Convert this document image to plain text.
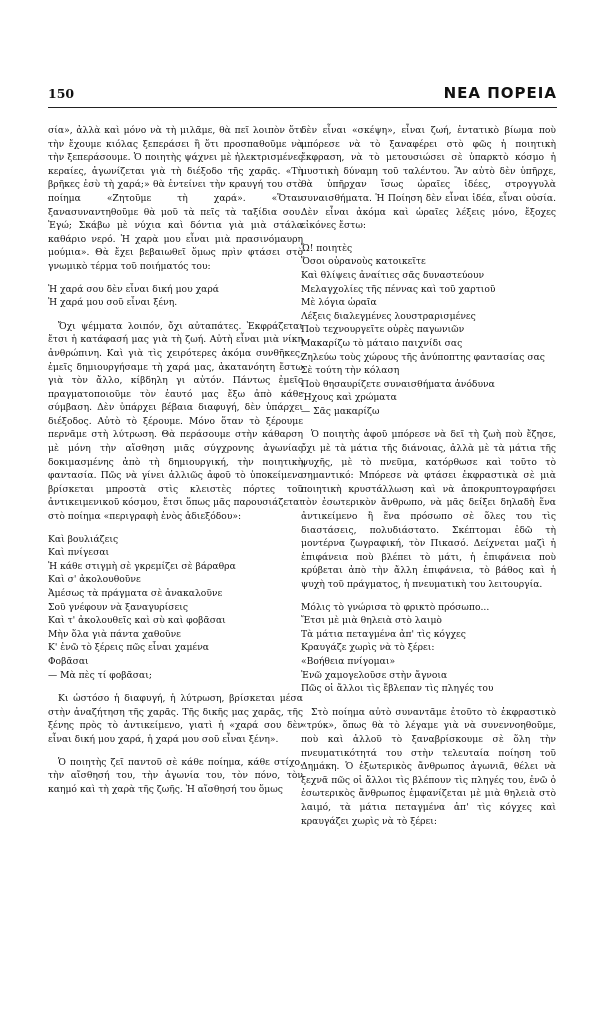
150	ΝΕΑ ΠΟΡΕΙΑ

σία», ἀλλὰ καὶ μόνο νὰ τὴ μιλᾶμε, θὰ πεῖ λοιπὸν ὅτι τὴν ἔχουμε κιόλας ξεπεράσει ἢ ὅτι προσπαθοῦμε νὰ τὴν ξεπεράσουμε. Ὁ ποιητὴς ψάχνει μὲ ἠλεκτρισμένες κεραίες, ἀγωνίζεται γιὰ τὴ διέξοδο τῆς χαρᾶς. «Τὴ βρῆκες ἐσὺ τὴ χαρά;» θὰ ἐντείνει τὴν κραυγή του στὸ ποίημα «Ζητοῦμε τὴ χαρά». «Ὅταν ξανασυναντηθοῦμε θὰ μοῦ τὰ πεῖς τὰ ταξίδια σου. Ἐγώ; Σκάβω μὲ νύχια καὶ δόντια γιὰ μιὰ στάλα καθάριο νερό. Ἡ χαρὰ μου εἶναι μιὰ πρασινόμαυρη μούμια». Θὰ ἔχει βεβαιωθεῖ ὅμως πρὶν φτάσει στὸ γνωμικὸ τέρμα τοῦ ποιήματός του:

Ἡ χαρά σου δὲν εἶναι δική μου χαρά
Ἡ χαρά μου σοῦ εἶναι ξένη.

Ὄχι ψέμματα λοιπόν, ὄχι αὐταπάτες. Ἐκφράζεται ἔτσι ἡ κατάφασή μας γιὰ τὴ ζωή. Αὐτὴ εἶναι μιὰ νίκη ἀνθρώπινη. Καὶ γιὰ τὶς χειρότερες ἀκόμα συνθῆκες, ἐμεῖς δημιουργήσαμε τὴ χαρά μας, ἀκατανόητη ἔστω γιὰ τὸν ἄλλο, κίβδηλη γι αὐτόν. Πάντως ἐμεῖς πραγματοποιοῦμε τὸν ἑαυτό μας ἔξω ἀπὸ κάθε σύμβαση. Δὲν ὑπάρχει βέβαια διαφυγή, δὲν ὑπάρχει διέξοδος. Αὐτὸ τὸ ξέρουμε. Μόνο ὅταν τὸ ξέρουμε περνᾶμε στὴ λύτρωση. Θὰ περάσουμε στὴν κάθαρση μὲ μόνη τὴν αἴσθηση μιᾶς σύγχρονης ἀγωνίας δοκιμασμένης ἀπὸ τὴ δημιουργική, τὴν ποιητικὴ φαντασία. Πῶς νὰ γίνει ἀλλιῶς ἀφοῦ τὸ ὑποκείμενο βρίσκεται μπροστὰ στὶς κλειστὲς πόρτες τοῦ ἀντικειμενικοῦ κόσμου, ἔτσι ὅπως μᾶς παρουσιάζεται στὸ ποίημα «περιγραφὴ ἑνὸς ἀδιεξόδου»:

Καὶ βουλιάζεις
Καὶ πνίγεσαι
Ἡ κάθε στιγμὴ σὲ γκρεμίζει σὲ βάραθρα
Καὶ σ' ἀκολουθοῦνε
Ἀμέσως τὰ πράγματα σὲ ἀνακαλοῦνε
Σοῦ γνέφουν νὰ ξαναγυρίσεις
Καὶ τ' ἀκολουθεῖς καὶ σὺ καὶ φοβᾶσαι
Μὴν ὅλα γιὰ πάντα χαθοῦνε
Κ' ἐνῶ τὸ ξέρεις πῶς εἶναι χαμένα
Φοβᾶσαι
— Μὰ πὲς τί φοβᾶσαι;

Κι ὡστόσο ἡ διαφυγή, ἡ λύτρωση, βρίσκεται μέσα στὴν ἀναζήτηση τῆς χαρᾶς. Τῆς δικῆς μας χαρᾶς, τῆς ξένης πρὸς τὸ ἀντικείμενο, γιατὶ ἡ «χαρά σου δὲν εἶναι δική μου χαρά, ἡ χαρά μου σοῦ εἶναι ξένη».

Ὁ ποιητὴς ζεῖ παντοῦ σὲ κάθε ποίημα, κάθε στίχο, τὴν αἴσθησή του, τὴν ἀγωνία του, τὸν πόνο, τὸν καημό καὶ τὴ χαρὰ τῆς ζωῆς. Ἡ αἴσθησή του ὅμως

δὲν εἶναι «σκέψη», εἶναι ζωή, ἐντατικὸ βίωμα ποὺ μπόρεσε νὰ τὸ ξαναφέρει στὸ φῶς ἡ ποιητικὴ ἔκφραση, νὰ τὸ μετουσιώσει σὲ ὑπαρκτὸ κόσμο ἡ μυστικὴ δύναμη τοῦ ταλέντου. Ἂν αὐτὸ δὲν ὑπῆρχε, θὰ ὑπῆρχαν ἴσως ὡραῖες ἰδέες, στρογγυλὰ συναισθήματα. Ἡ Ποίηση δὲν εἶναι ἰδέα, εἶναι οὐσία. Δὲν εἶναι ἀκόμα καὶ ὡραῖες λέξεις μόνο, ἔξοχες εἰκόνες ἔστω:

Ὤ! ποιητὲς
Ὅσοι οὐρανοὺς κατοικεῖτε
Καὶ θλίψεις ἀναίτιες σᾶς δυναστεύουν
Μελαγχολίες τῆς πέννας καὶ τοῦ χαρτιοῦ
Μὲ λόγια ὡραῖα
Λέξεις διαλεγμένες λουστραρισμένες
Ποὺ τεχνουργεῖτε οὐρὲς παγωνιῶν
Μακαρίζω τὸ μάταιο παιχνίδι σας
Ζηλεύω τοὺς χώρους τῆς ἀνύποπτης φαντασίας σας
Σὲ τούτη τὴν κόλαση
Ποὺ θησαυρίζετε συναισθήματα ἀνόδυνα
Ἤχους καὶ χρώματα
— Σᾶς μακαρίζω

Ὁ ποιητὴς ἀφοῦ μπόρεσε νὰ δεῖ τὴ ζωὴ ποὺ ἔζησε, ὄχι μὲ τὰ μάτια τῆς διάνοιας, ἀλλὰ μὲ τὰ μάτια τῆς ψυχῆς, μὲ τὸ πνεῦμα, κατόρθωσε καὶ τοῦτο τὸ σημαντικό: Μπόρεσε νὰ φτάσει ἐκφραστικὰ σὲ μιὰ ποιητικὴ κρυστάλλωση καὶ νὰ ἀποκρυπτογραφήσει τὸν ἐσωτερικὸν ἄνθρωπο, νὰ μᾶς δείξει δηλαδὴ ἕνα ἀντικείμενο ἢ ἕνα πρόσωπο σὲ ὅλες του τὶς διαστάσεις, πολυδιάστατο. Σκέπτομαι ἐδῶ τὴ μοντέρνα ζωγραφική, τὸν Πικασό. Δείχνεται μαζὶ ἡ ἐπιφάνεια ποὺ βλέπει τὸ μάτι, ἡ ἐπιφάνεια ποὺ κρύβεται ἀπὸ τὴν ἄλλη ἐπιφάνεια, τὸ βάθος καὶ ἡ ψυχὴ τοῦ πράγματος, ἡ πνευματικὴ του λειτουργία.

Μόλις τὸ γνώρισα τὸ φρικτὸ πρόσωπο...
Ἔτσι μὲ μιὰ θηλειὰ στὸ λαιμὸ
Τὰ μάτια πεταγμένα ἀπ' τὶς κόγχες
Κραυγάζε χωρὶς νὰ τὸ ξέρει:
«Βοήθεια πνίγομαι»
Ἐνῶ χαμογελοῦσε στὴν ἄγνοια
Πῶς οἱ ἄλλοι τὶς ἔβλεπαν τὶς πληγές του

Στὸ ποίημα αὐτὸ συναντᾶμε ἐτοῦτο τὸ ἐκφραστικὸ «τρύκ», ὅπως θὰ τὸ λέγαμε γιὰ νὰ συνεννοηθοῦμε, ποὺ καὶ ἀλλοῦ τὸ ξαναβρίσκουμε σὲ ὅλη τὴν πνευματικότητά του στὴν τελευταία ποίηση τοῦ Δημάκη. Ὁ ἐξωτερικὸς ἄνθρωπος ἀγωνιᾶ, θέλει νὰ ξεχνᾶ πῶς οἱ ἄλλοι τὶς βλέπουν τὶς πληγές του, ἐνῶ ὁ ἐσωτερικὸς ἄνθρωπος ἐμφανίζεται μὲ μιὰ θηλειὰ στὸ λαιμό, τὰ μάτια πεταγμένα ἀπ' τὶς κόγχες καὶ κραυγάζει χωρὶς νὰ τὸ ξέρει:
